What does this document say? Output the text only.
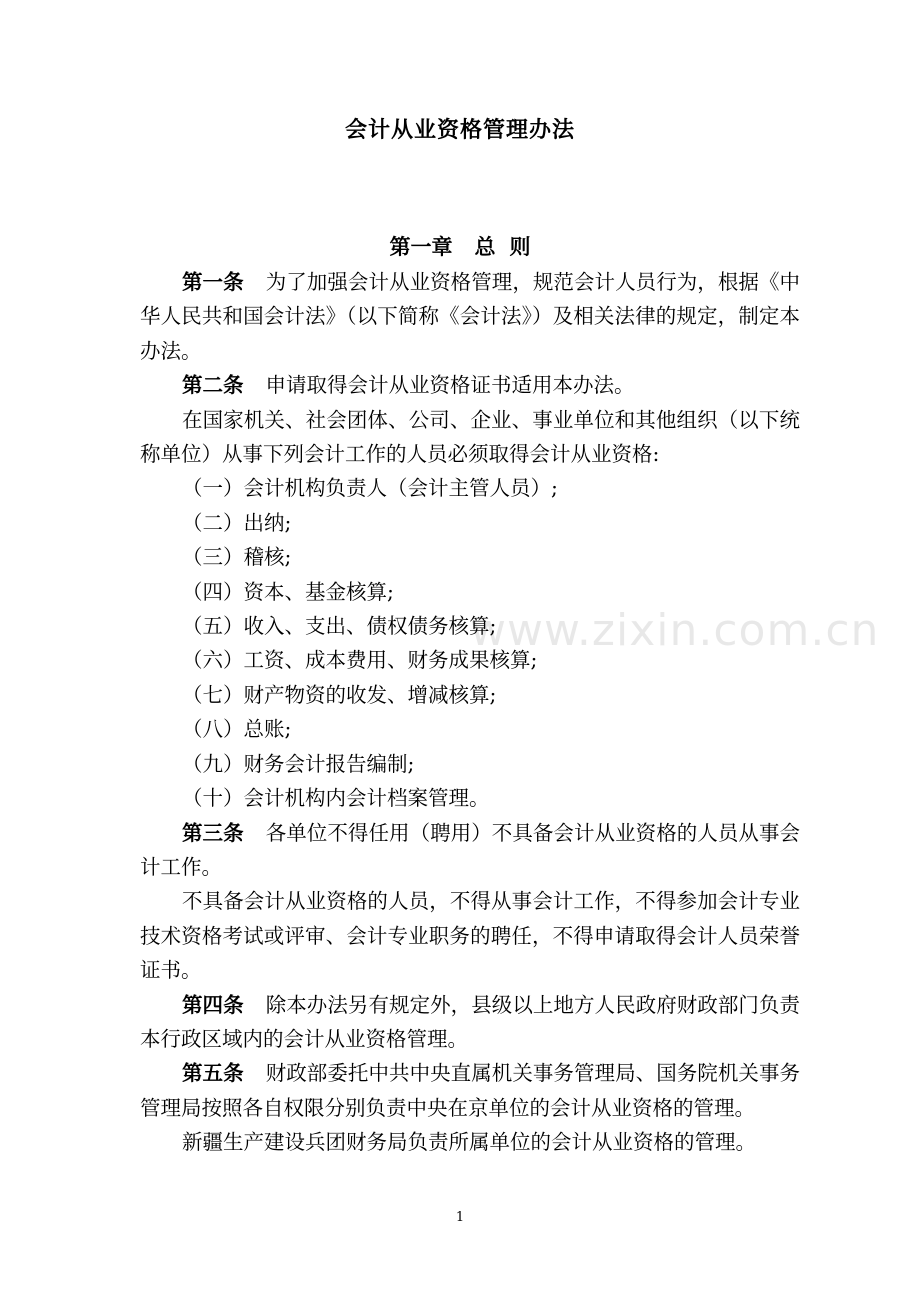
会计从业资格管理办法
第一章 总 则

第一条 为了加强会计从业资格管理，规范会计人员行为，根据《中华人民共和国会计法》（以下简称《会计法》）及相关法律的规定，制定本办法。

第二条 申请取得会计从业资格证书适用本办法。

在国家机关、社会团体、公司、企业、事业单位和其他组织（以下统称单位）从事下列会计工作的人员必须取得会计从业资格:

（一）会计机构负责人（会计主管人员）;

（二）出纳;

（三）稽核;

（四）资本、基金核算;

（五）收入、支出、债权债务核算;

（六）工资、成本费用、财务成果核算;

（七）财产物资的收发、增减核算;

（八）总账;

（九）财务会计报告编制;

（十）会计机构内会计档案管理。

第三条 各单位不得任用（聘用）不具备会计从业资格的人员从事会计工作。

不具备会计从业资格的人员，不得从事会计工作，不得参加会计专业技术资格考试或评审、会计专业职务的聘任，不得申请取得会计人员荣誉证书。

第四条 除本办法另有规定外，县级以上地方人民政府财政部门负责本行政区域内的会计从业资格管理。

第五条 财政部委托中共中央直属机关事务管理局、国务院机关事务管理局按照各自权限分别负责中央在京单位的会计从业资格的管理。

新疆生产建设兵团财务局负责所属单位的会计从业资格的管理。

www.zixin.com.cn
1
